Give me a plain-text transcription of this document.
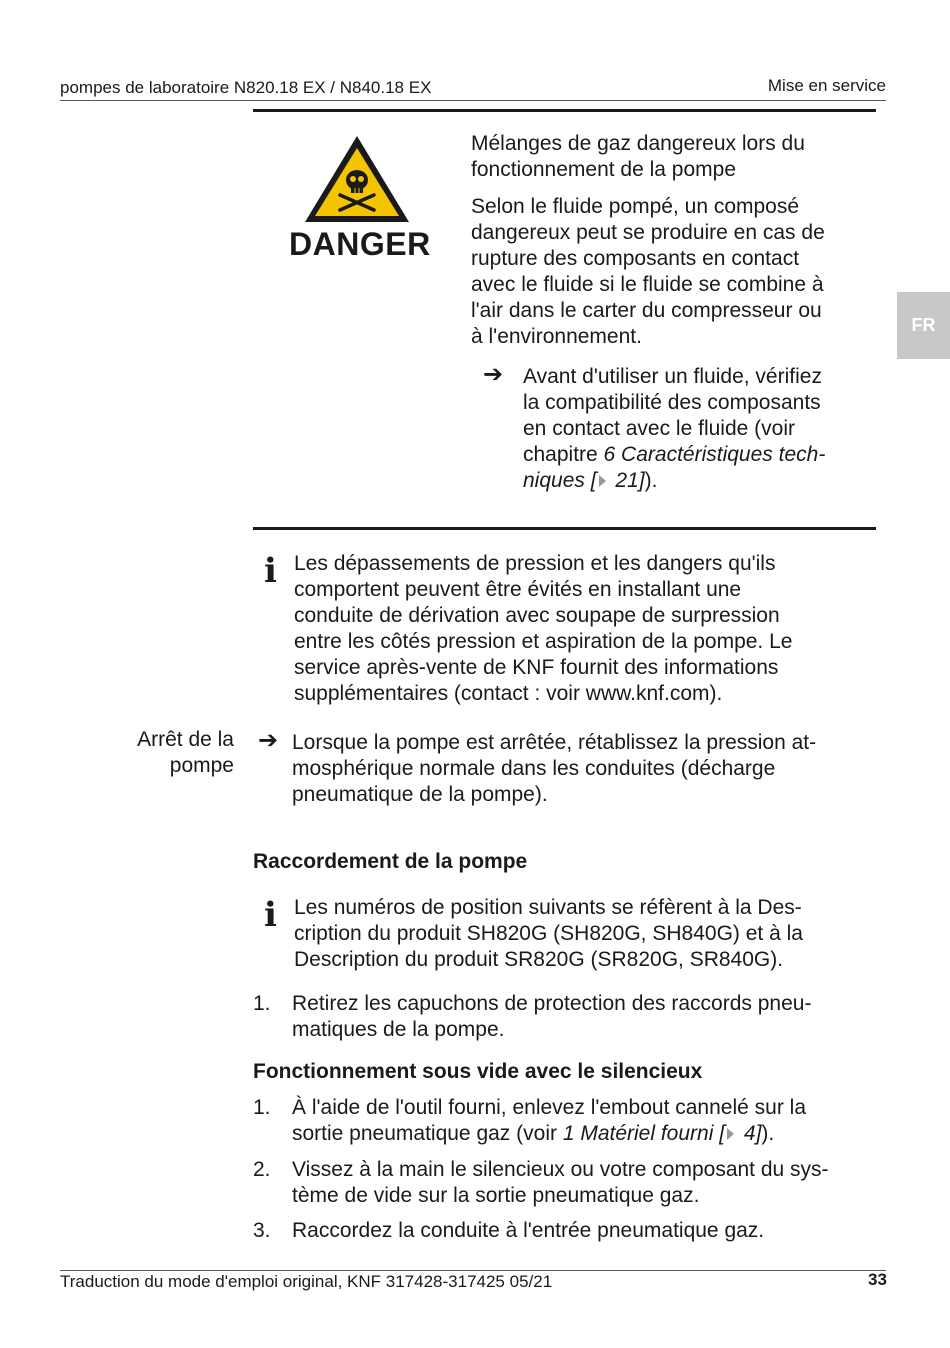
pompes de laboratoire N820.18 EX / N840.18 EX	Mise en service
FR
DANGER

Mélanges de gaz dangereux lors du

fonctionnement de la pompe

Selon le fluide pompé, un composé

dangereux peut se produire en cas de

rupture des composants en contact

avec le fluide si le fluide se combine à

l'air dans le carter du compresseur ou

à l'environnement.

➔ Avant d'utiliser un fluide, vérifiez

la compatibilité des composants

en contact avec le fluide (voir

chapitre 6 Caractéristiques tech-

niques [ 21]).

i Les dépassements de pression et les dangers qu'ils

comportent peuvent être évités en installant une

conduite de dérivation avec soupape de surpression

entre les côtés pression et aspiration de la pompe. Le

service après-vente de KNF fournit des informations

supplémentaires (contact : voir www.knf.com).

Arrêt de la

pompe

➔ Lorsque la pompe est arrêtée, rétablissez la pression at-

mosphérique normale dans les conduites (décharge

pneumatique de la pompe).

Raccordement de la pompe
i Les numéros de position suivants se réfèrent à la Des-

cription du produit SH820G (SH820G, SH840G) et à la

Description du produit SR820G (SR820G, SR840G).

1. Retirez les capuchons de protection des raccords pneu-

matiques de la pompe.

Fonctionnement sous vide avec le silencieux
1. À l'aide de l'outil fourni, enlevez l'embout cannelé sur la

sortie pneumatique gaz (voir 1 Matériel fourni [ 4]).

2. Vissez à la main le silencieux ou votre composant du sys-

tème de vide sur la sortie pneumatique gaz.

3. Raccordez la conduite à l'entrée pneumatique gaz.

Traduction du mode d'emploi original, KNF 317428-317425 05/21	33
